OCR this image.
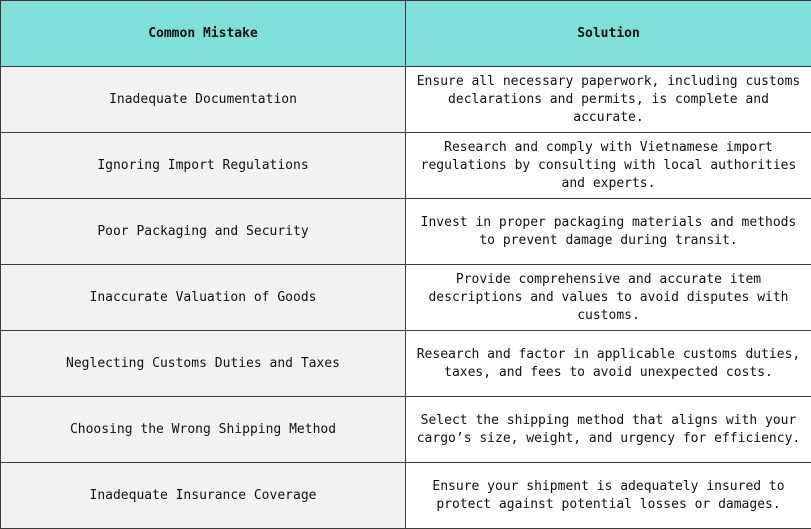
Common Mistake	Solution
Inadequate Documentation	Ensure all necessary paperwork, including customs declarations and permits, is complete and accurate.
Ignoring Import Regulations	Research and comply with Vietnamese import regulations by consulting with local authorities and experts.
Poor Packaging and Security	Invest in proper packaging materials and methods to prevent damage during transit.
Inaccurate Valuation of Goods	Provide comprehensive and accurate item descriptions and values to avoid disputes with customs.
Neglecting Customs Duties and Taxes	Research and factor in applicable customs duties, taxes, and fees to avoid unexpected costs.
Choosing the Wrong Shipping Method	Select the shipping method that aligns with your cargo’s size, weight, and urgency for efficiency.
Inadequate Insurance Coverage	Ensure your shipment is adequately insured to protect against potential losses or damages.
